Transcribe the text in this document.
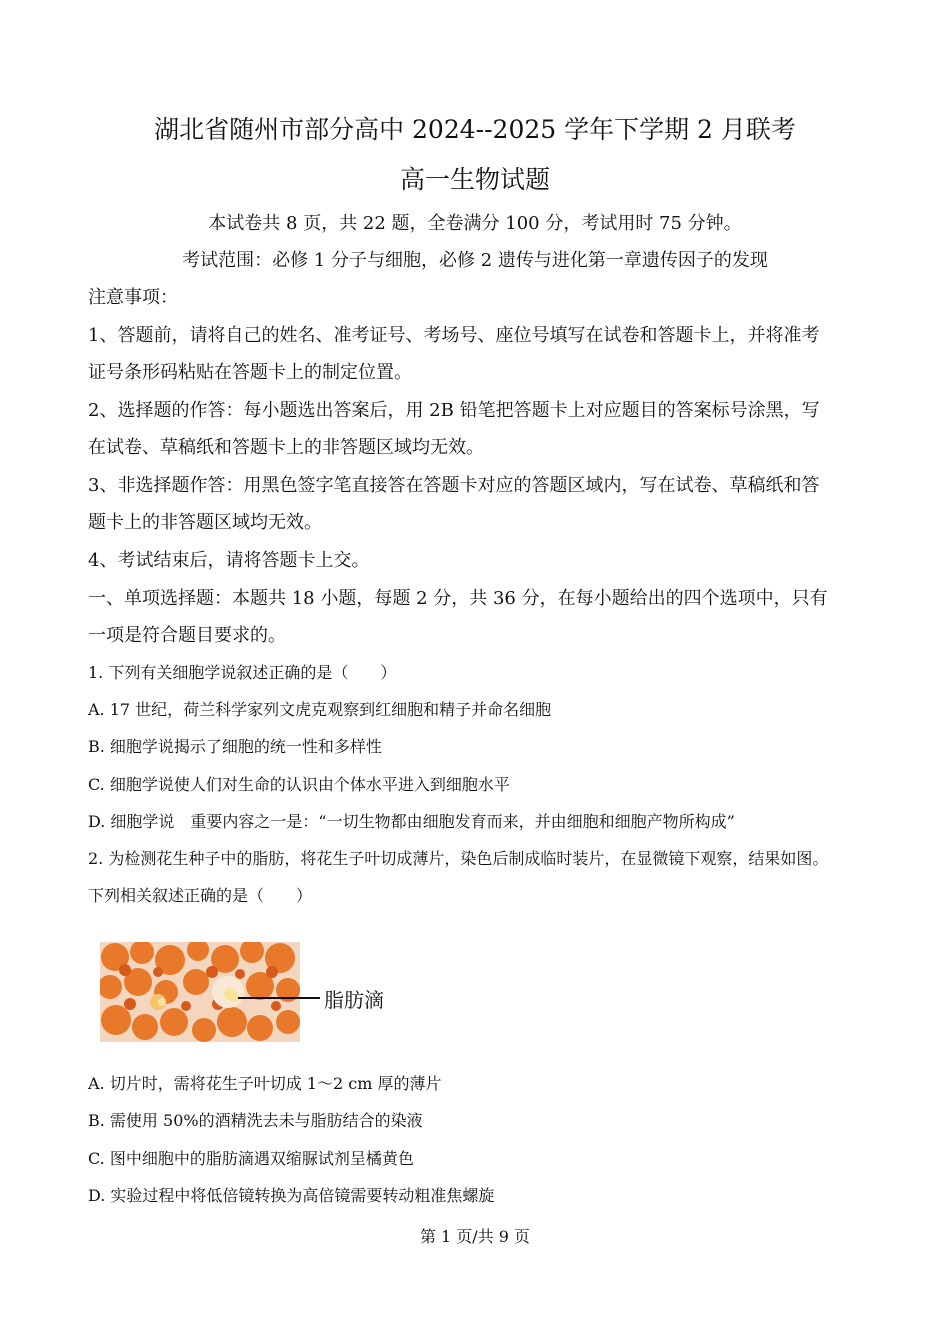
湖北省随州市部分高中 2024--2025 学年下学期 2 月联考
高一生物试题
本试卷共 8 页，共 22 题，全卷满分 100 分，考试用时 75 分钟。
考试范围：必修 1 分子与细胞，必修 2 遗传与进化第一章遗传因子的发现
注意事项：
1、答题前，请将自己的姓名、准考证号、考场号、座位号填写在试卷和答题卡上，并将准考
证号条形码粘贴在答题卡上的制定位置。
2、选择题的作答：每小题选出答案后，用 2B 铅笔把答题卡上对应题目的答案标号涂黑，写
在试卷、草稿纸和答题卡上的非答题区域均无效。
3、非选择题作答：用黑色签字笔直接答在答题卡对应的答题区域内，写在试卷、草稿纸和答
题卡上的非答题区域均无效。
4、考试结束后，请将答题卡上交。
一、单项选择题：本题共 18 小题，每题 2 分，共 36 分，在每小题给出的四个选项中，只有
一项是符合题目要求的。
1. 下列有关细胞学说叙述正确的是（　　）
A. 17 世纪，荷兰科学家列文虎克观察到红细胞和精子并命名细胞
B. 细胞学说揭示了细胞的统一性和多样性
C. 细胞学说使人们对生命的认识由个体水平进入到细胞水平
D. 细胞学说　重要内容之一是：“一切生物都由细胞发育而来，并由细胞和细胞产物所构成”
2. 为检测花生种子中的脂肪，将花生子叶切成薄片，染色后制成临时装片，在显微镜下观察，结果如图。
下列相关叙述正确的是（　　）
脂肪滴
A. 切片时，需将花生子叶切成 1～2 cm 厚的薄片
B. 需使用 50%的酒精洗去未与脂肪结合的染液
C. 图中细胞中的脂肪滴遇双缩脲试剂呈橘黄色
D. 实验过程中将低倍镜转换为高倍镜需要转动粗准焦螺旋
第 1 页/共 9 页
